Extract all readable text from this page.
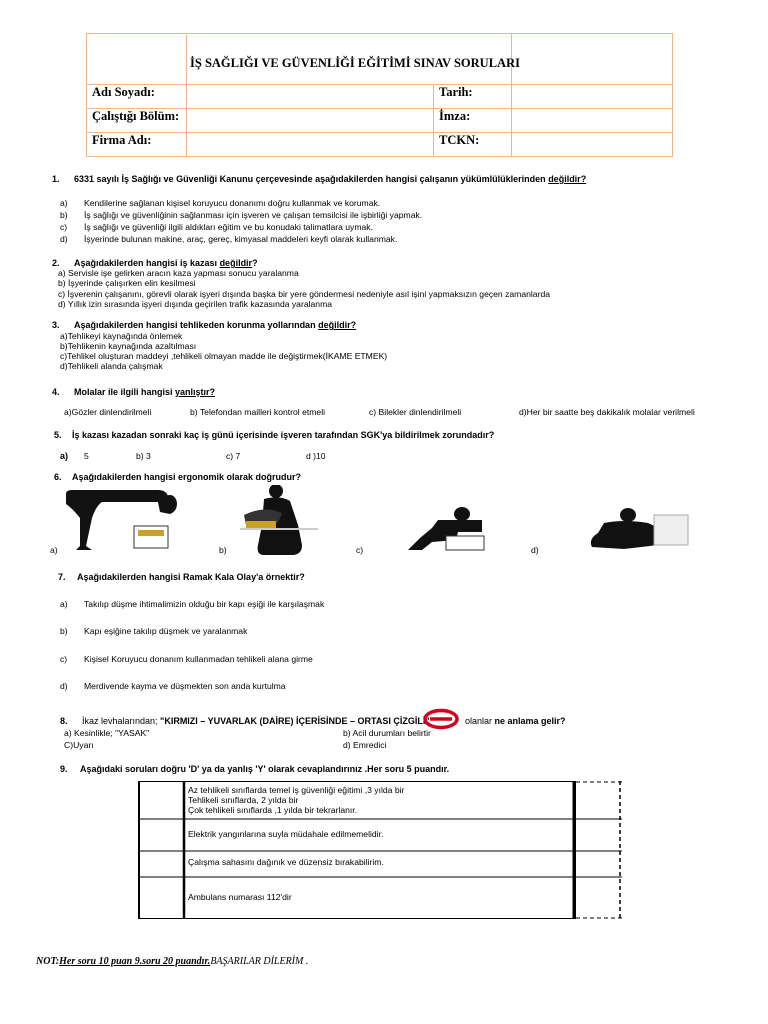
İŞ SAĞLIĞI VE GÜVENLİĞİ EĞİTİMİ SINAV SORULARI
Adı Soyadı:	Tarih:
Çalıştığı Bölüm:	İmza:
Firma Adı:	TCKN:
1. 6331 sayılı İş Sağlığı ve Güvenliği Kanunu çerçevesinde aşağıdakilerden hangisi çalışanın yükümlülüklerinden değildir?
a) Kendilerine sağlanan kişisel koruyucu donanımı doğru kullanmak ve korumak.
b) İş sağlığı ve güvenliğinin sağlanması için işveren ve çalışan temsilcisi ile işbirliği yapmak.
c) İş sağlığı ve güvenliği ilgili aldıkları eğitim ve bu konudaki talimatlara uymak.
d) İşyerinde bulunan makine, araç, gereç, kimyasal maddeleri keyfi olarak kullanmak.
2. Aşağıdakilerden hangisi iş kazası değildir?
a) Servisle işe gelirken aracın kaza yapması sonucu yaralanma
b) İşyerinde çalışırken elin kesilmesi
c) İşverenin çalışanını, görevli olarak işyeri dışında başka bir yere göndermesi nedeniyle asıl işini yapmaksızın geçen zamanlarda
d) Yıllık izin sırasında işyeri dışında geçirilen trafik kazasında yaralanma
3. Aşağıdakilerden hangisi tehlikeden korunma yollarından değildir?
a)Tehlikeyi kaynağında önlemek
b)Tehlikenin kaynağında azaltılması
c)Tehlikel oluşturan maddeyi ,tehlikeli olmayan madde ile değiştirmek(İKAME ETMEK)
d)Tehlikeli alanda çalışmak
4. Molalar ile ilgili hangisi yanlıştır?
a)Gözler dinlendirilmeli	b) Telefondan mailleri kontrol etmeli	c) Bilekler dinlendirilmeli	d)Her bir saatte beş dakikalık molalar verilmeli
5. İş kazası kazadan sonraki kaç iş günü içerisinde işveren tarafından SGK'ya bildirilmek zorundadır?
a) 5	b) 3	c) 7	d )10
6. Aşağıdakilerden hangisi ergonomik olarak doğrudur?
a)	b)	c)	d)
7. Aşağıdakilerden hangisi Ramak Kala Olay'a örnektir?
a) Takılıp düşme ihtimalimizin olduğu bir kapı eşiği ile karşılaşmak
b) Kapı eşiğine takılıp düşmek ve yaralanmak
c) Kişisel Koruyucu donanım kullanmadan tehlikeli alana girme
d) Merdivende kayma ve düşmekten son anda kurtulma
8. İkaz levhalarından; "KIRMIZI – YUVARLAK (DAİRE) İÇERİSİNDE – ORTASI ÇİZGİLİ"	olanlar ne anlama gelir?
a) Kesinlikle; "YASAK"	b) Acil durumları belirtir
C)Uyarı	d) Emredici
9. Aşağıdaki soruları doğru 'D' ya da yanlış 'Y' olarak cevaplandırınız .Her soru 5 puandır.
Az tehlikeli sınıflarda temel iş güvenliği eğitimi ,3 yılda bir
Tehlikeli sınıflarda, 2 yılda bir
Çok tehlikeli sınıflarda ,1 yılda bir tekrarlanır.
Elektrik yangınlarına suyla müdahale edilmemelidir.
Çalışma sahasını dağınık ve düzensiz bırakabilirim.
Ambulans numarası 112'dir
NOT:Her soru 10 puan 9.soru 20 puandır.BAŞARILAR DİLERİM .
